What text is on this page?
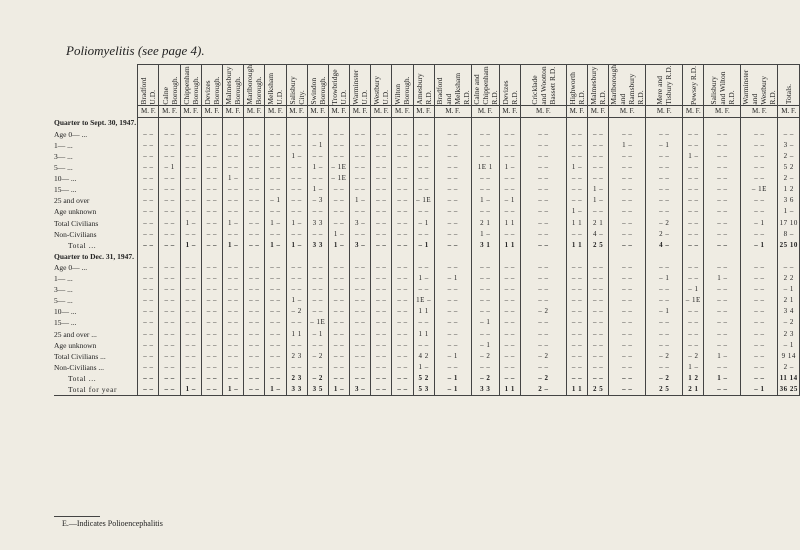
Poliomyelitis (see page 4).

	Bradford U.D.	Calne Borough.	Chippenham Borough.	Devizes Borough.	Malmesbury Borough.	Marlborough Borough.	Melksham U.D.	Salisbury City.	Swindon Borough.	Trowbridge U.D.	Warminster U.D.	Westbury U.D.	Wilton Borough.	Amesbury R.D.	Bradford and Melksham R.D.	Calne and Chippenham R.D.	Devizes R.D.	Cricklade and Wootton Bassett R.D.	Highworth R.D.	Malmesbury R.D.	Marlborough and Ramsbury R.D.	Mere and Tisbury R.D.	Pewsey R.D.	Salisbury and Wilton R.D.	Warminster and Westbury R.D.	Totals.

	M. F.	M. F.	M. F.	M. F.	M. F.	M. F.	M. F.	M. F.	M. F.	M. F.	M. F.	M. F.	M. F.	M. F.	M. F.	M. F.	M. F.	M. F.	M. F.	M. F.	M. F.	M. F.	M. F.	M. F.	M. F.	M. F.
Quarter to Sept. 30, 1947.																										
Age 0— ...	– –	– –	– –	– –	– –	– –	– –	– –	– –	– –	– –	– –	– –	– –	– –	– –	– –	– –	– –	– –	– –	– –	– –	– –	– –	– –
1— ...	– –	– –	– –	– –	– –	– –	– –	– –	– 1	– –	– –	– –	– –	– –	– –	– –	– –	– –	– –	– –	1 –	– 1	– –	– –	– –	3 –
3— ...	– –	– –	– –	– –	– –	– –	– –	1 –	– –	– –	– –	– –	– –	– –	– –	– –	– –	– –	– –	– –	– –	– –	1 –	– –	– –	2 –
5— ...	– –	– 1	– –	– –	– –	– –	– –	– –	1 –	– 1E	– –	– –	– –	– –	– –	1E 1	1 –	– –	1 –	– –	– –	– –	– –	– –	– –	5 2
10— ...	– –	– –	– –	– –	1 –	– –	– –	– –	– –	– 1E	– –	– –	– –	– –	– –	– –	– –	– –	– –	– –	– –	– –	– –	– –	– –	2 –
15— ...	– –	– –	– –	– –	– –	– –	– –	– –	1 –	– –	– –	– –	– –	– –	– –	– –	– –	– –	– –	1 –	– –	– –	– –	– –	– 1E	1 2
25 and over	– –	– –	– –	– –	– –	– –	– 1	– –	– 3	– –	1 –	– –	– –	– 1E	– –	1 –	– 1	– –	– –	1 –	– –	– –	– –	– –	– –	3 6
Age unknown	– –	– –	– –	– –	– –	– –	– –	– –	– –	– –	– –	– –	– –	– –	– –	– –	– –	– –	1 –	– –	– –	– –	– –	– –	– –	1 –
Total Civilians	– –	– –	1 –	– –	1 –	– –	1 –	1 –	3 3	– –	3 –	– –	– –	– 1	– –	2 1	1 1	– –	1 1	2 1	– –	– 2	– –	– –	– 1	17 10
Non-Civilians	– –	– –	– –	– –	– –	– –	– –	– –	– –	1 –	– –	– –	– –	– –	– –	1 –	– –	– –	– –	4 –	– –	2 –	– –	– –	– –	8 –
Total ...	– –	– –	1 –	– –	1 –	– –	1 –	1 –	3 3	1 –	3 –	– –	– –	– 1	– –	3 1	1 1	– –	1 1	2 5	– –	4 –	– –	– –	– 1	25 10
Quarter to Dec. 31, 1947.																										
Age 0— ...	– –	– –	– –	– –	– –	– –	– –	– –	– –	– –	– –	– –	– –	– –	– –	– –	– –	– –	– –	– –	– –	– –	– –	– –	– –	– –
1— ...	– –	– –	– –	– –	– –	– –	– –	– –	– –	– –	– –	– –	– –	1 –	– 1	– –	– –	– –	– –	– –	– –	– 1	– –	1 –	– –	2 2
3— ...	– –	– –	– –	– –	– –	– –	– –	– –	– –	– –	– –	– –	– –	– –	– –	– –	– –	– –	– –	– –	– –	– –	– 1	– –	– –	– 1
5— ...	– –	– –	– –	– –	– –	– –	– –	1 –	– –	– –	– –	– –	– –	1E –	– –	– –	– –	– –	– –	– –	– –	– –	– 1E	– –	– –	2 1
10— ...	– –	– –	– –	– –	– –	– –	– –	– 2	– –	– –	– –	– –	– –	1 1	– –	– –	– –	– 2	– –	– –	– –	– 1	– –	– –	– –	3 4
15— ...	– –	– –	– –	– –	– –	– –	– –	– –	– 1E	– –	– –	– –	– –	– –	– –	– 1	– –	– –	– –	– –	– –	– –	– –	– –	– –	– 2
25 and over ...	– –	– –	– –	– –	– –	– –	– –	1 1	– 1	– –	– –	– –	– –	1 1	– –	– –	– –	– –	– –	– –	– –	– –	– –	– –	– –	2 3
Age unknown	– –	– –	– –	– –	– –	– –	– –	– –	– –	– –	– –	– –	– –	– –	– –	– 1	– –	– –	– –	– –	– –	– –	– –	– –	– –	– 1
Total Civilians ...	– –	– –	– –	– –	– –	– –	– –	2 3	– 2	– –	– –	– –	– –	4 2	– 1	– 2	– –	– 2	– –	– –	– –	– 2	– 2	1 –	– –	9 14
Non-Civilians ...	– –	– –	– –	– –	– –	– –	– –	– –	– –	– –	– –	– –	– –	1 –	– –	– –	– –	– –	– –	– –	– –	– –	1 –	– –	– –	2 –
Total ...	– –	– –	– –	– –	– –	– –	– –	2 3	– 2	– –	– –	– –	– –	5 2	– 1	– 2	– –	– 2	– –	– –	– –	– 2	1 2	1 –	– –	11 14
Total for year	– –	– –	1 –	– –	1 –	– –	1 –	3 3	3 5	1 –	3 –	– –	– –	5 3	– 1	3 3	1 1	2 –	1 1	2 5	– –	2 5	2 1	– –	– 1	36 25
E.—Indicates Polioencephalitis
